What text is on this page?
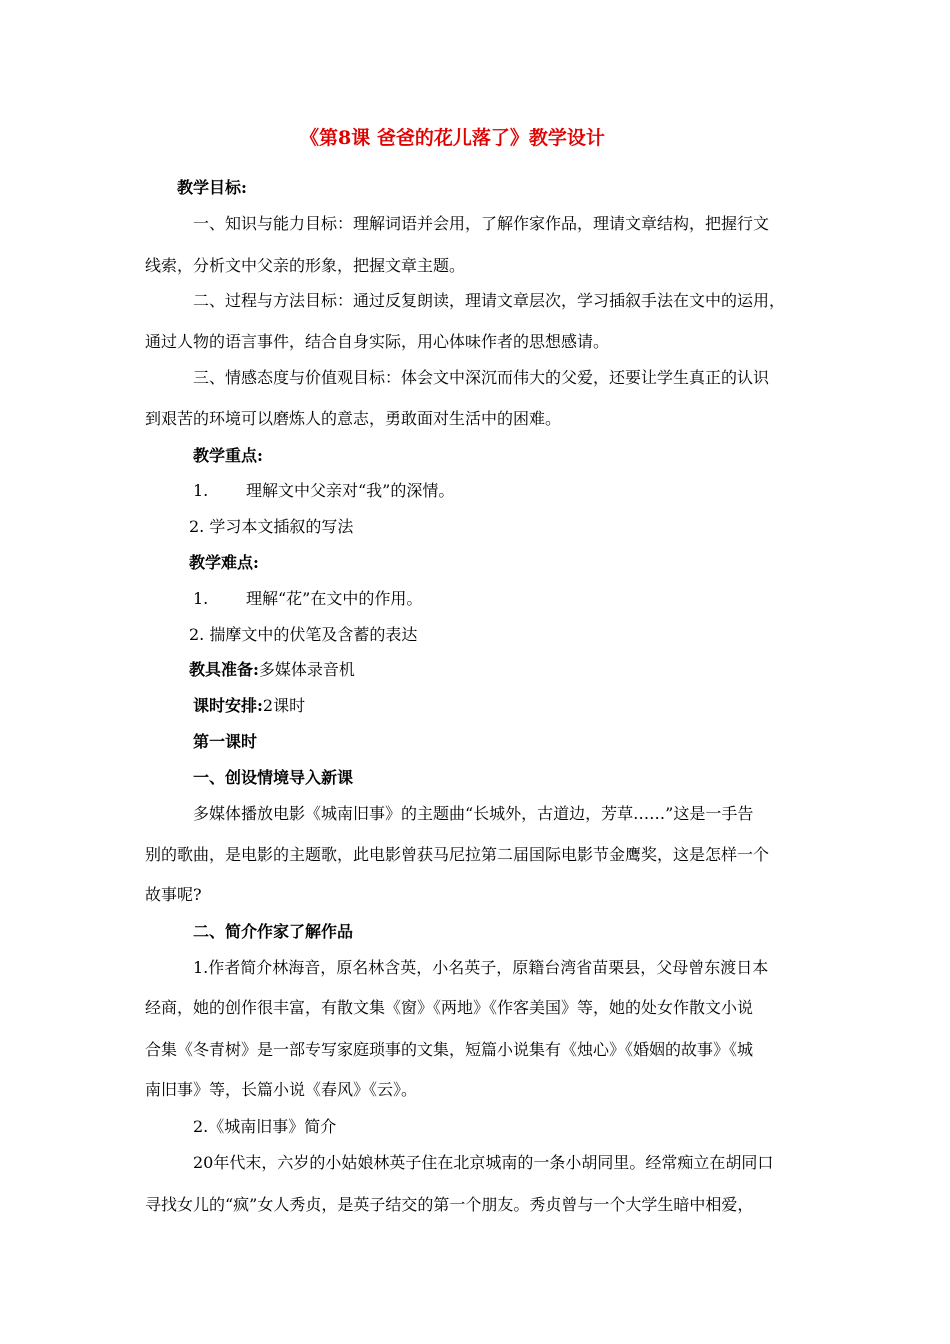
《第8课 爸爸的花儿落了》教学设计
教学目标:
一、知识与能力目标：理解词语并会用，了解作家作品，理请文章结构，把握行文
线索，分析文中父亲的形象，把握文章主题。
二、过程与方法目标：通过反复朗读，理请文章层次，学习插叙手法在文中的运用，
通过人物的语言事件，结合自身实际，用心体味作者的思想感请。
三、情感态度与价值观目标：体会文中深沉而伟大的父爱，还要让学生真正的认识
到艰苦的环境可以磨炼人的意志，勇敢面对生活中的困难。
教学重点:
1. 理解文中父亲对“我”的深情。
2. 学习本文插叙的写法
教学难点:
1. 理解“花”在文中的作用。
2. 揣摩文中的伏笔及含蓄的表达
教具准备:多媒体录音机
课时安排:2课时
第一课时
一、创设情境导入新课
多媒体播放电影《城南旧事》的主题曲“长城外，古道边，芳草……”这是一手告
别的歌曲，是电影的主题歌，此电影曾获马尼拉第二届国际电影节金鹰奖，这是怎样一个
故事呢?
二、简介作家了解作品
1.作者简介林海音，原名林含英，小名英子，原籍台湾省苗栗县，父母曾东渡日本
经商，她的创作很丰富，有散文集《窗》《两地》《作客美国》等，她的处女作散文小说
合集《冬青树》是一部专写家庭琐事的文集，短篇小说集有《烛心》《婚姻的故事》《城
南旧事》等，长篇小说《春风》《云》。
2.《城南旧事》简介
20年代末，六岁的小姑娘林英子住在北京城南的一条小胡同里。经常痴立在胡同口
寻找女儿的“疯”女人秀贞，是英子结交的第一个朋友。秀贞曾与一个大学生暗中相爱，
